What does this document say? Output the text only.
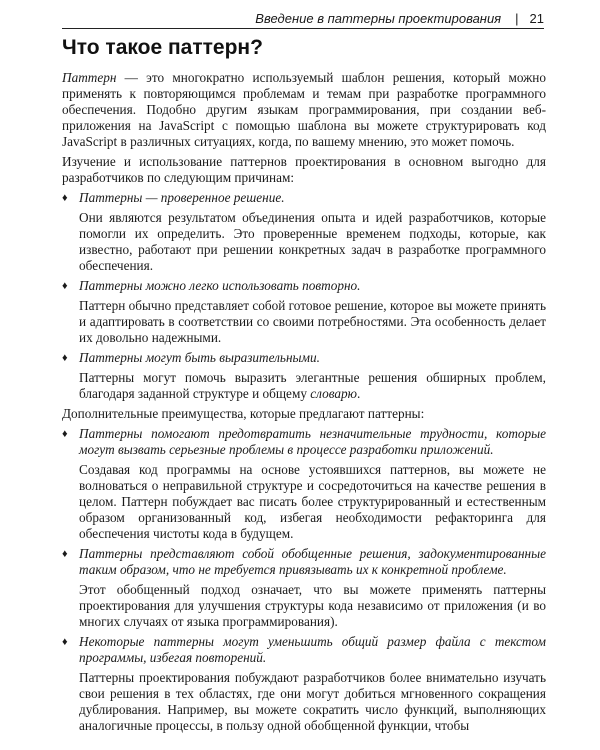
Введение в паттерны проектирования | 21
Что такое паттерн?

Паттерн — это многократно используемый шаблон решения, который можно применять к повторяющимся проблемам и темам при разработке программного обеспечения. Подобно другим языкам программирования, при создании веб-приложения на JavaScript с помощью шаблона вы можете структурировать код JavaScript в различных ситуациях, когда, по вашему мнению, это может помочь.

Изучение и использование паттернов проектирования в основном выгодно для разработчиков по следующим причинам:

♦ Паттерны — проверенное решение.

Они являются результатом объединения опыта и идей разработчиков, которые помогли их определить. Это проверенные временем подходы, которые, как известно, работают при решении конкретных задач в разработке программного обеспечения.

♦ Паттерны можно легко использовать повторно.

Паттерн обычно представляет собой готовое решение, которое вы можете принять и адаптировать в соответствии со своими потребностями. Эта особенность делает их довольно надежными.

♦ Паттерны могут быть выразительными.

Паттерны могут помочь выразить элегантные решения обширных проблем, благодаря заданной структуре и общему словарю.

Дополнительные преимущества, которые предлагают паттерны:

♦ Паттерны помогают предотвратить незначительные трудности, которые могут вызвать серьезные проблемы в процессе разработки приложений.

Создавая код программы на основе устоявшихся паттернов, вы можете не волноваться о неправильной структуре и сосредоточиться на качестве решения в целом. Паттерн побуждает вас писать более структурированный и естественным образом организованный код, избегая необходимости рефакторинга для обеспечения чистоты кода в будущем.

♦ Паттерны представляют собой обобщенные решения, задокументированные таким образом, что не требуется привязывать их к конкретной проблеме.

Этот обобщенный подход означает, что вы можете применять паттерны проектирования для улучшения структуры кода независимо от приложения (и во многих случаях от языка программирования).

♦ Некоторые паттерны могут уменьшить общий размер файла с текстом программы, избегая повторений.

Паттерны проектирования побуждают разработчиков более внимательно изучать свои решения в тех областях, где они могут добиться мгновенного сокращения дублирования. Например, вы можете сократить число функций, выполняющих аналогичные процессы, в пользу одной обобщенной функции, чтобы
